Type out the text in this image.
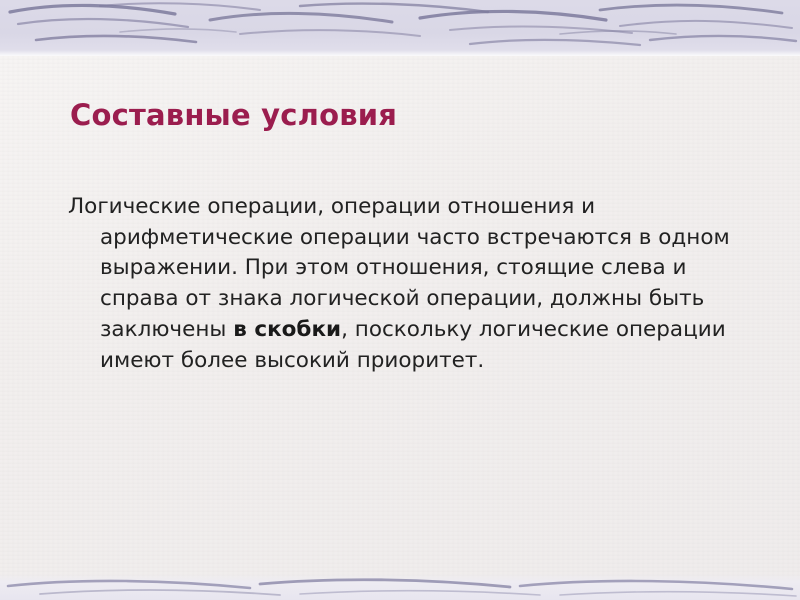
Составные условия

Логические операции, операции отношения и арифметические операции часто встречаются в одном выражении. При этом отношения, стоящие слева и справа от знака логической операции, должны быть заключены в скобки, поскольку логические операции имеют более высокий приоритет.
